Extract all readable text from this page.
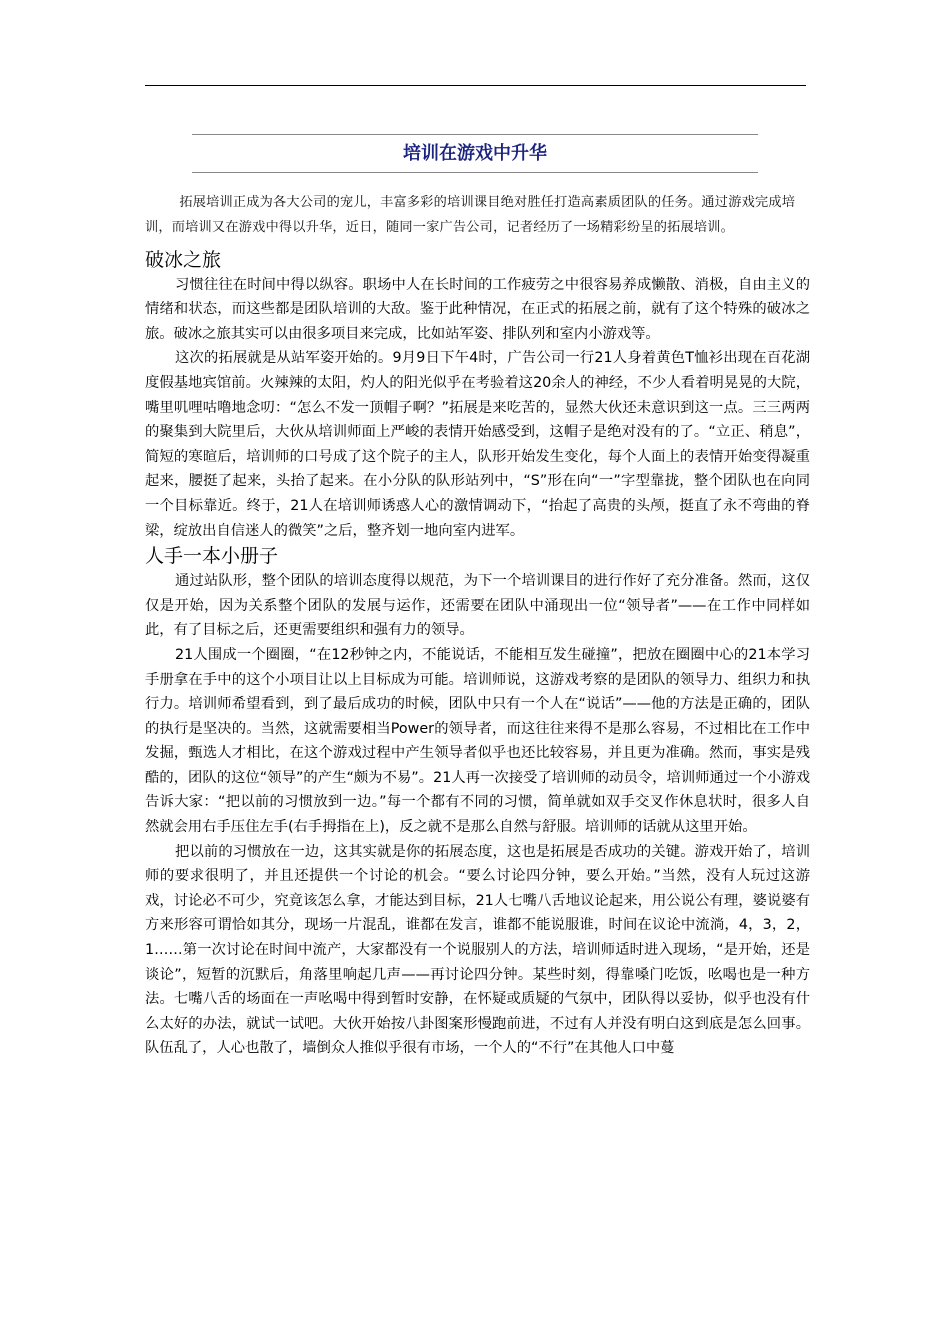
培训在游戏中升华

拓展培训正成为各大公司的宠儿，丰富多彩的培训课目绝对胜任打造高素质团队的任务。通过游戏完成培训，而培训又在游戏中得以升华，近日，随同一家广告公司，记者经历了一场精彩纷呈的拓展培训。

破冰之旅

习惯往往在时间中得以纵容。职场中人在长时间的工作疲劳之中很容易养成懒散、消极，自由主义的情绪和状态，而这些都是团队培训的大敌。鉴于此种情况，在正式的拓展之前，就有了这个特殊的破冰之旅。破冰之旅其实可以由很多项目来完成，比如站军姿、排队列和室内小游戏等。

这次的拓展就是从站军姿开始的。9月9日下午4时，广告公司一行21人身着黄色T恤衫出现在百花湖度假基地宾馆前。火辣辣的太阳，灼人的阳光似乎在考验着这20余人的神经，不少人看着明晃晃的大院，嘴里叽哩咕噜地念叨：“怎么不发一顶帽子啊？”拓展是来吃苦的，显然大伙还未意识到这一点。三三两两的聚集到大院里后，大伙从培训师面上严峻的表情开始感受到，这帽子是绝对没有的了。“立正、稍息”，简短的寒暄后，培训师的口号成了这个院子的主人，队形开始发生变化，每个人面上的表情开始变得凝重起来，腰挺了起来，头抬了起来。在小分队的队形站列中，“S”形在向“一”字型靠拢，整个团队也在向同一个目标靠近。终于，21人在培训师诱惑人心的激情调动下，“抬起了高贵的头颅，挺直了永不弯曲的脊梁，绽放出自信迷人的微笑”之后，整齐划一地向室内进军。

人手一本小册子

通过站队形，整个团队的培训态度得以规范，为下一个培训课目的进行作好了充分准备。然而，这仅仅是开始，因为关系整个团队的发展与运作，还需要在团队中涌现出一位“领导者”——在工作中同样如此，有了目标之后，还更需要组织和强有力的领导。

21人围成一个圈圈，“在12秒钟之内，不能说话，不能相互发生碰撞”，把放在圈圈中心的21本学习手册拿在手中的这个小项目让以上目标成为可能。培训师说，这游戏考察的是团队的领导力、组织力和执行力。培训师希望看到，到了最后成功的时候，团队中只有一个人在“说话”——他的方法是正确的，团队的执行是坚决的。当然，这就需要相当Power的领导者，而这往往来得不是那么容易，不过相比在工作中发掘，甄选人才相比，在这个游戏过程中产生领导者似乎也还比较容易，并且更为准确。然而，事实是残酷的，团队的这位“领导”的产生“颇为不易”。21人再一次接受了培训师的动员令，培训师通过一个小游戏告诉大家：“把以前的习惯放到一边。”每一个都有不同的习惯，简单就如双手交叉作休息状时，很多人自然就会用右手压住左手(右手拇指在上)，反之就不是那么自然与舒服。培训师的话就从这里开始。

把以前的习惯放在一边，这其实就是你的拓展态度，这也是拓展是否成功的关键。游戏开始了，培训师的要求很明了，并且还提供一个讨论的机会。“要么讨论四分钟，要么开始。”当然，没有人玩过这游戏，讨论必不可少，究竟该怎么拿，才能达到目标，21人七嘴八舌地议论起来，用公说公有理，婆说婆有方来形容可谓恰如其分，现场一片混乱，谁都在发言，谁都不能说服谁，时间在议论中流淌，4，3，2，1……第一次讨论在时间中流产，大家都没有一个说服别人的方法，培训师适时进入现场，“是开始，还是谈论”，短暂的沉默后，角落里响起几声——再讨论四分钟。某些时刻，得靠嗓门吃饭，吆喝也是一种方法。七嘴八舌的场面在一声吆喝中得到暂时安静，在怀疑或质疑的气氛中，团队得以妥协，似乎也没有什么太好的办法，就试一试吧。大伙开始按八卦图案形慢跑前进，不过有人并没有明白这到底是怎么回事。队伍乱了，人心也散了，墙倒众人推似乎很有市场，一个人的“不行”在其他人口中蔓
